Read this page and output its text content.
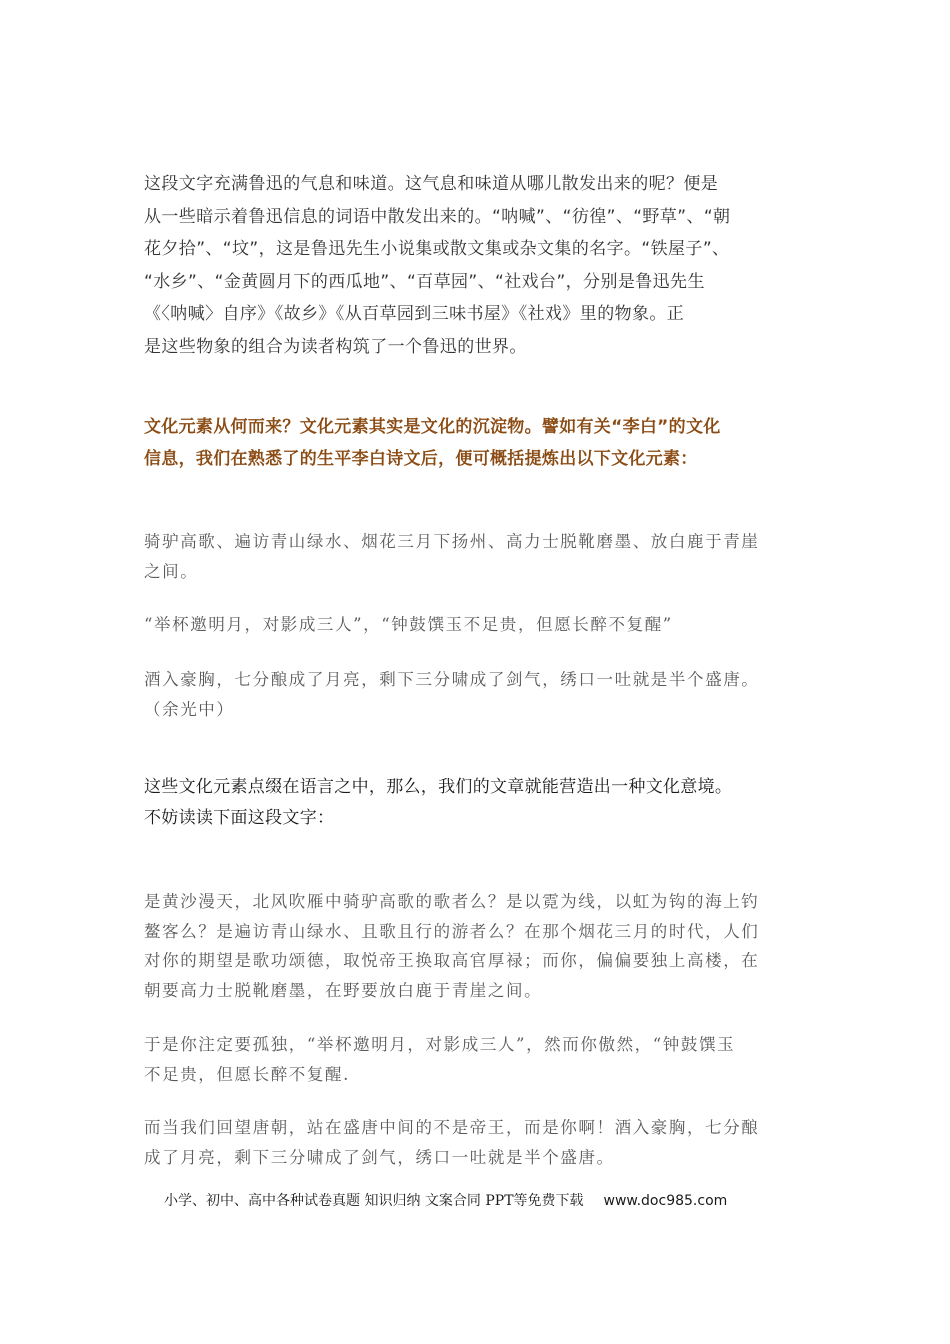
这段文字充满鲁迅的气息和味道。这气息和味道从哪儿散发出来的呢？便是
从一些暗示着鲁迅信息的词语中散发出来的。“呐喊”、“彷徨”、“野草”、“朝
花夕拾”、“坟”，这是鲁迅先生小说集或散文集或杂文集的名字。“铁屋子”、
“水乡”、“金黄圆月下的西瓜地”、“百草园”、“社戏台”，分别是鲁迅先生
《〈呐喊〉自序》《故乡》《从百草园到三味书屋》《社戏》里的物象。正
是这些物象的组合为读者构筑了一个鲁迅的世界。

文化元素从何而来？文化元素其实是文化的沉淀物。譬如有关“李白”的文化
信息，我们在熟悉了的生平李白诗文后，便可概括提炼出以下文化元素：

骑驴高歌、遍访青山绿水、烟花三月下扬州、高力士脱靴磨墨、放白鹿于青崖
之间。

“举杯邀明月，对影成三人”，“钟鼓馔玉不足贵，但愿长醉不复醒”

酒入豪胸，七分酿成了月亮，剩下三分啸成了剑气，绣口一吐就是半个盛唐。
（余光中）

这些文化元素点缀在语言之中，那么，我们的文章就能营造出一种文化意境。
不妨读读下面这段文字：

是黄沙漫天，北风吹雁中骑驴高歌的歌者么？是以霓为线，以虹为钩的海上钓
鳌客么？是遍访青山绿水、且歌且行的游者么？在那个烟花三月的时代，人们
对你的期望是歌功颂德，取悦帝王换取高官厚禄；而你，偏偏要独上高楼，在
朝要高力士脱靴磨墨，在野要放白鹿于青崖之间。

于是你注定要孤独，“举杯邀明月，对影成三人”，然而你傲然，“钟鼓馔玉
不足贵，但愿长醉不复醒.

而当我们回望唐朝，站在盛唐中间的不是帝王，而是你啊！酒入豪胸，七分酿
成了月亮，剩下三分啸成了剑气，绣口一吐就是半个盛唐。

小学、初中、高中各种试卷真题 知识归纳 文案合同 PPT等免费下载 www.doc985.com
